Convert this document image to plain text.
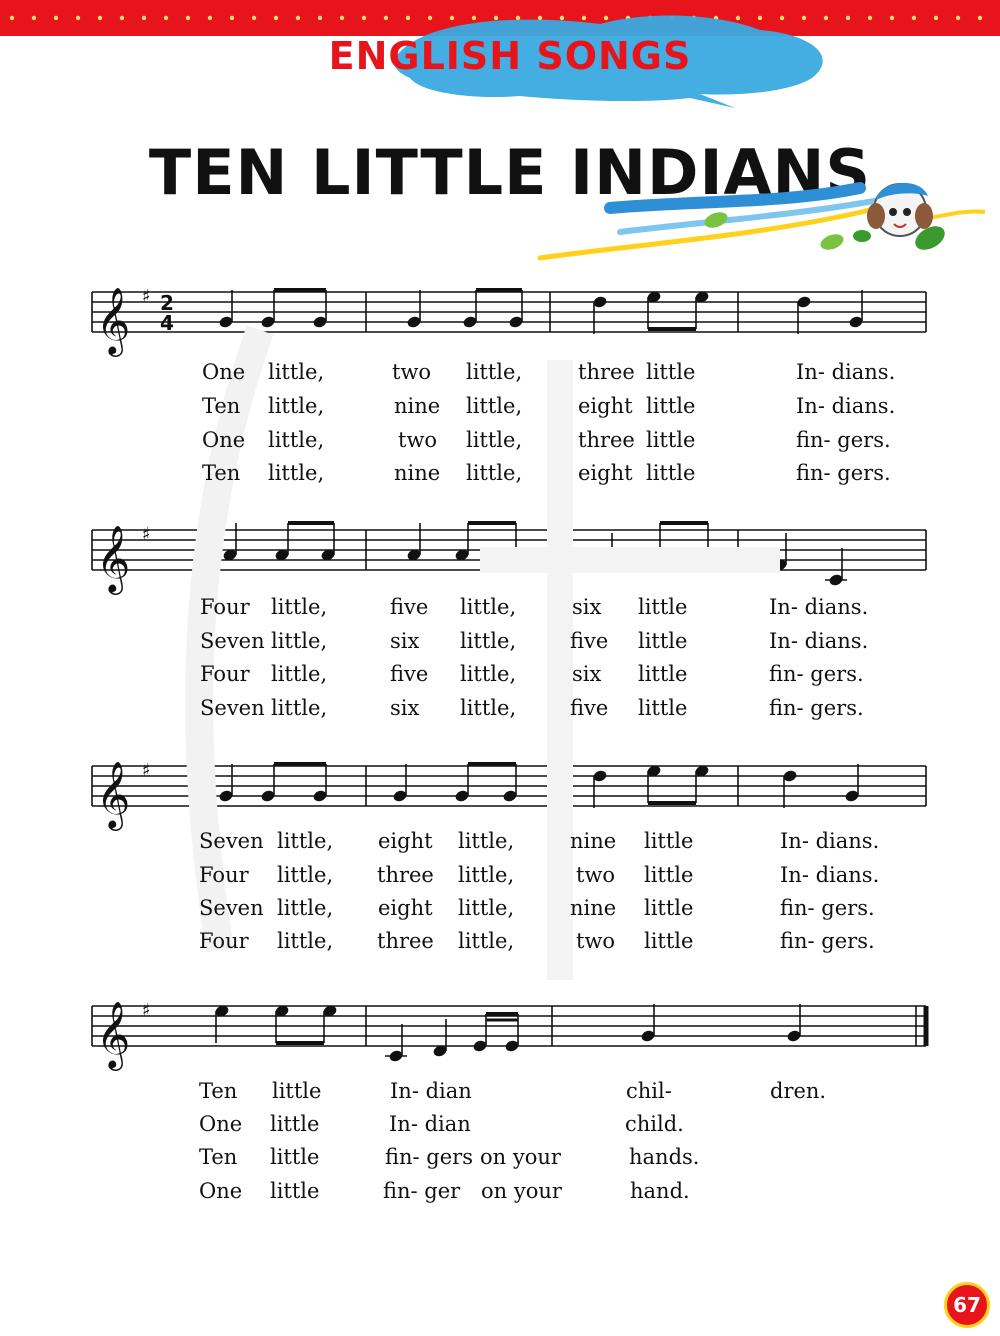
ENGLISH SONGS
TEN LITTLE INDIANS
𝄞 ♯ 2
4
𝄞 ♯
𝄞 ♯
𝄞 ♯
One little,	two little,	three little	In- dians.
Ten little,	nine little,	eight little	In- dians.
One little,	two little,	three little	fin- gers.
Ten little,	nine little,	eight little	fin- gers.
Four little,	five little,	six little	In- dians.
Seven little,	six little,	five little	In- dians.
Four little,	five little,	six little	fin- gers.
Seven little,	six little,	five little	fin- gers.
Seven little, eight little,	nine little	In- dians.
Four little, three little,	two little	In- dians.
Seven little, eight little,	nine little	fin- gers.
Four little, three little,	two little	fin- gers.
Ten little	In- dian	chil-	dren.
One little	In- dian	child.
Ten little	fin- gers on your	hands.
One little	fin- ger on your	hand.
67
